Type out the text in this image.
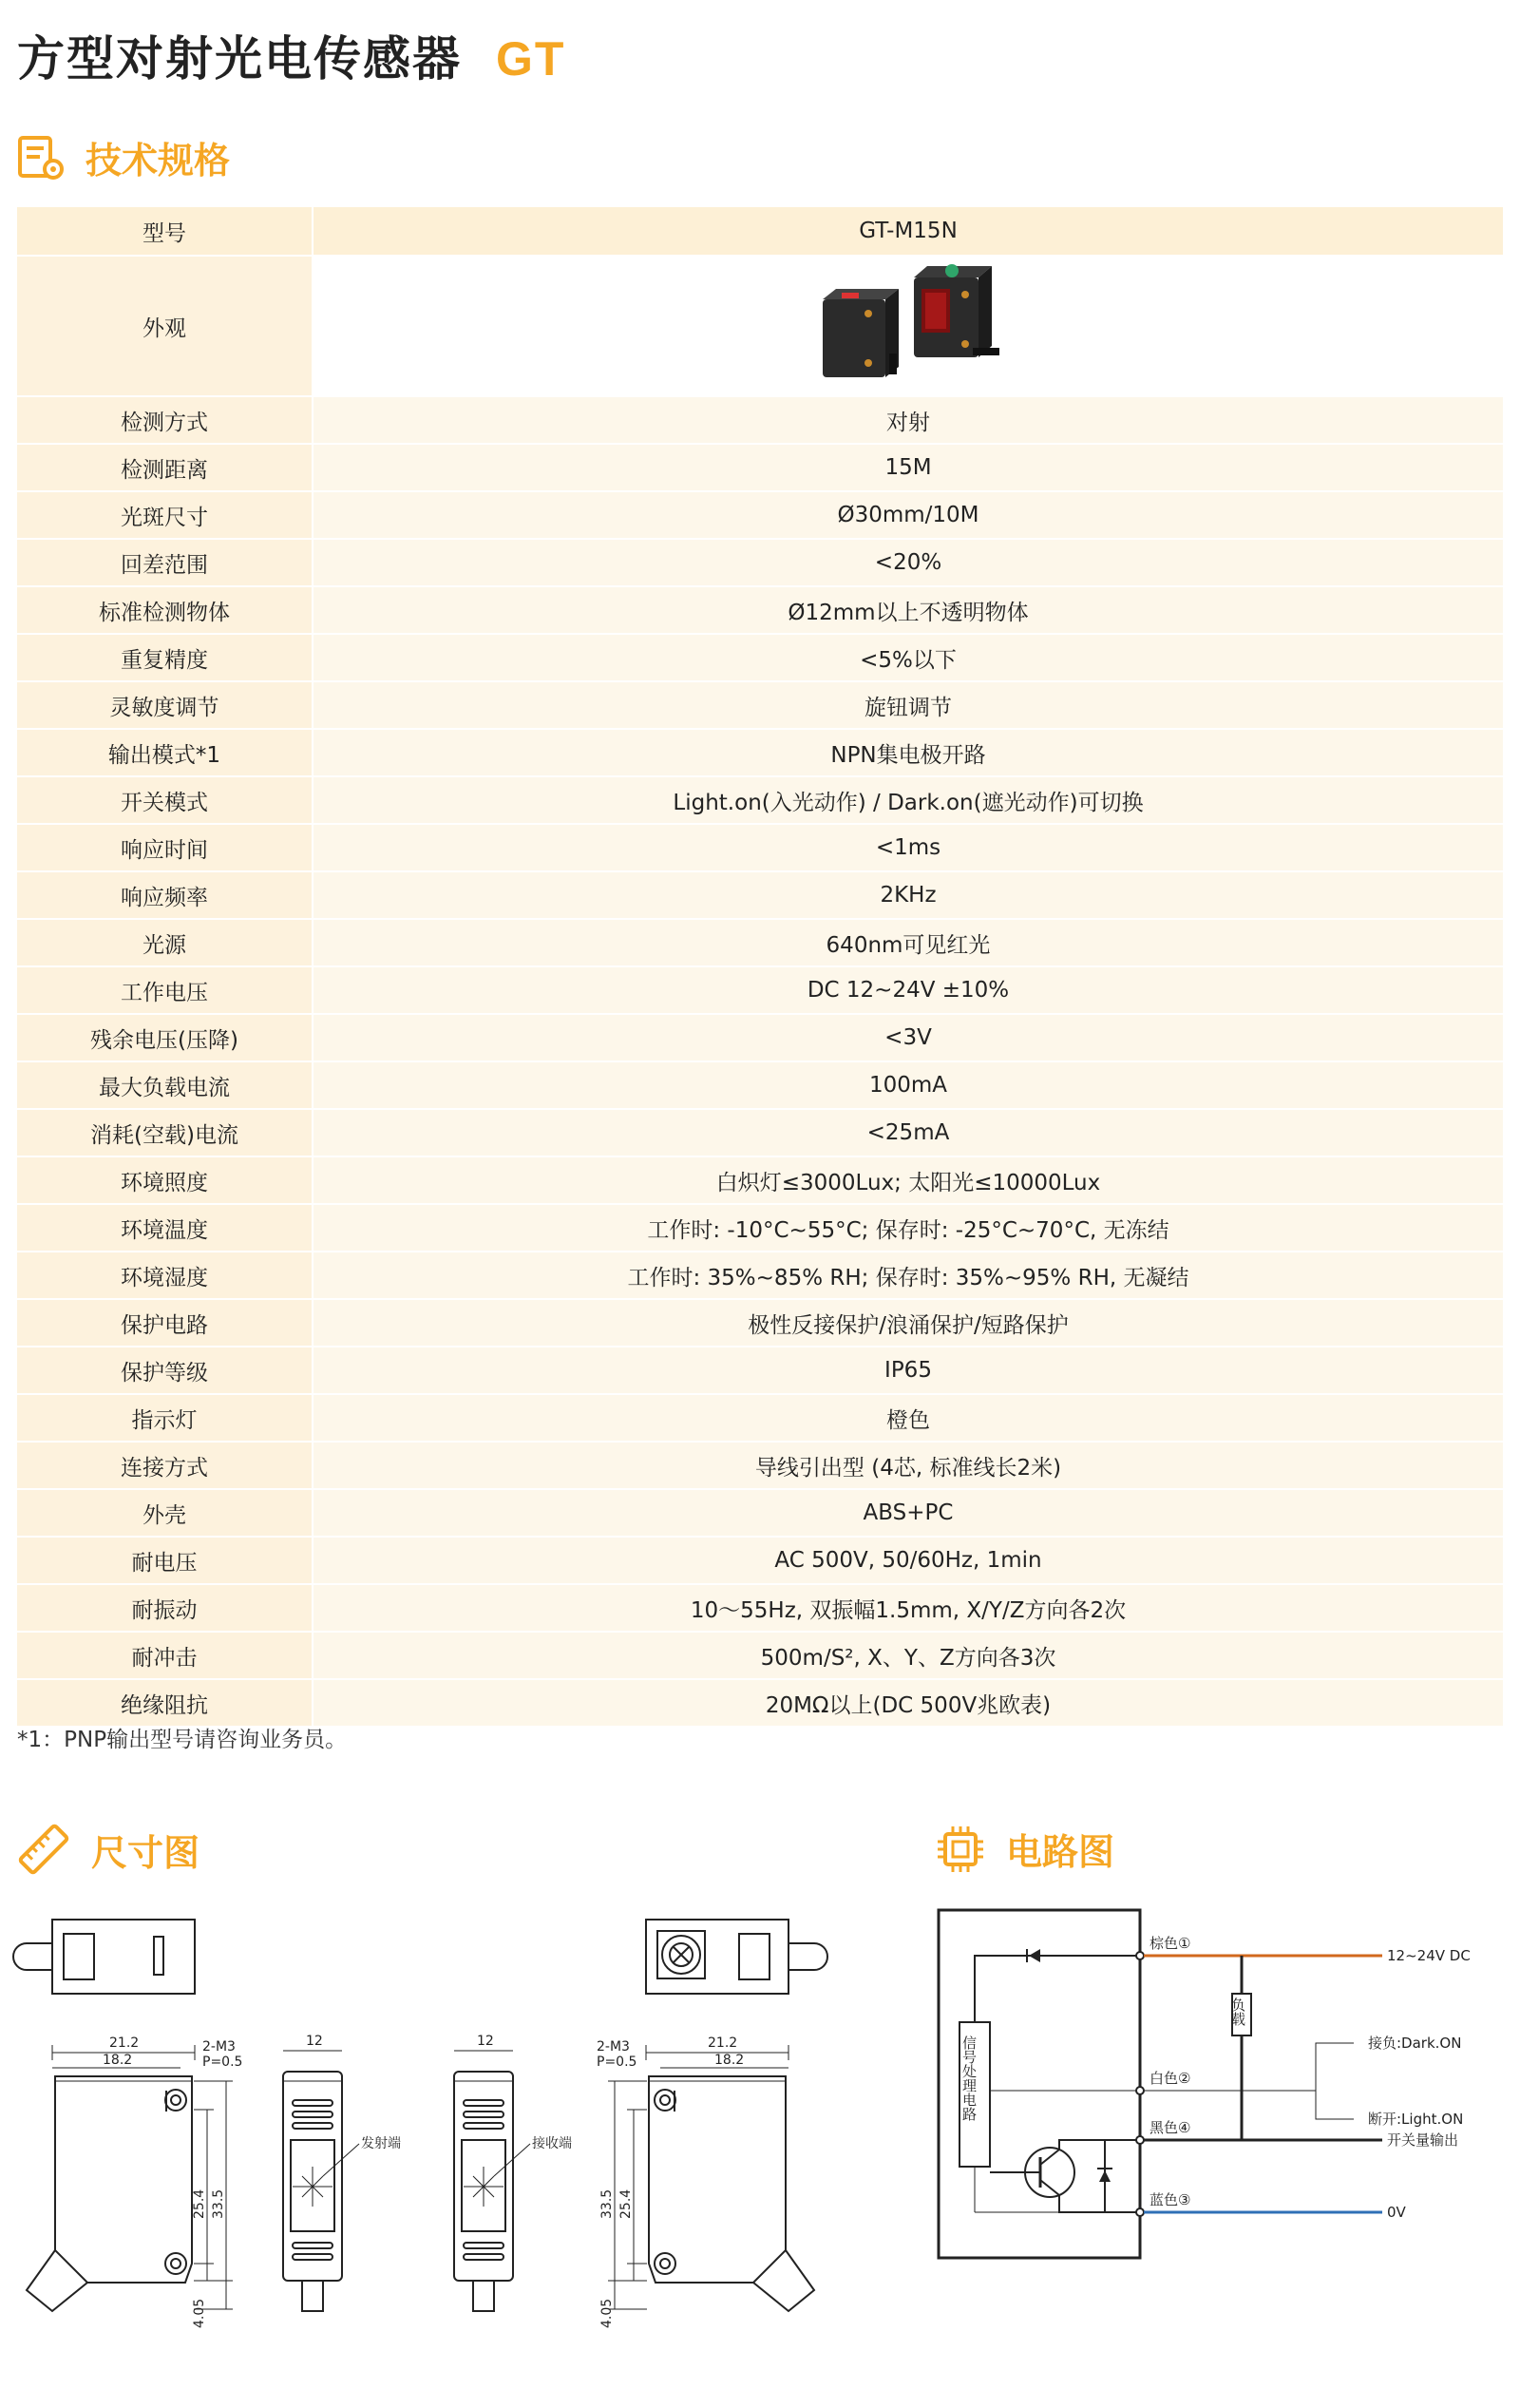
方型对射光电传感器 GT
技术规格
型号	GT-M15N
外观	
检测方式	对射
检测距离	15M
光斑尺寸	Ø30mm/10M
回差范围	<20%
标准检测物体	Ø12mm以上不透明物体
重复精度	<5%以下
灵敏度调节	旋钮调节
输出模式*1	NPN集电极开路
开关模式	Light.on(入光动作) / Dark.on(遮光动作)可切换
响应时间	<1ms
响应频率	2KHz
光源	640nm可见红光
工作电压	DC 12~24V ±10%
残余电压(压降)	<3V
最大负载电流	100mA
消耗(空载)电流	<25mA
环境照度	白炽灯≤3000Lux; 太阳光≤10000Lux
环境温度	工作时: -10°C~55°C; 保存时: -25°C~70°C, 无冻结
环境湿度	工作时: 35%~85% RH; 保存时: 35%~95% RH, 无凝结
保护电路	极性反接保护/浪涌保护/短路保护
保护等级	IP65
指示灯	橙色
连接方式	导线引出型 (4芯, 标准线长2米)
外壳	ABS+PC
耐电压	AC 500V, 50/60Hz, 1min
耐振动	10～55Hz, 双振幅1.5mm, X/Y/Z方向各2次
耐冲击	500m/S², X、Y、Z方向各3次
绝缘阻抗	20MΩ以上(DC 500V兆欧表)
*1：PNP输出型号请咨询业务员。
尺寸图	电路图
21.2
18.2
2-M3
P=0.5
25.4 33.5
4.05
12
发射端
12
接收端
21.2
18.2
2-M3
P=0.5
25.4
33.5
4.05
信号处理电路
棕色①
白色②
黑色④
蓝色③
负载
12~24V DC
接负:Dark.ON
断开:Light.ON
开关量输出
0V
